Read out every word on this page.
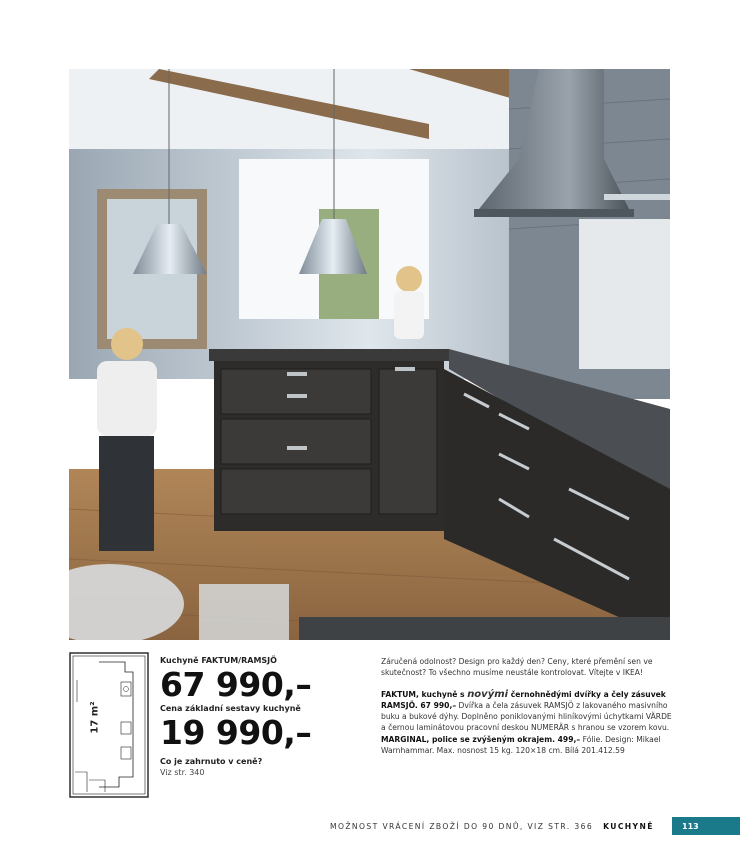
17 m²
Kuchyně FAKTUM/RAMSJÖ
67 990,–
Cena základní sestavy kuchyně
19 990,–
Co je zahrnuto v ceně?
Viz str. 340

Záručená odolnost? Design pro každý den? Ceny, které přemění sen ve skutečnost? To všechno musíme neustále kontrolovat. Vítejte v IKEA!

FAKTUM, kuchyně s novými černohnědými dvířky a čely zásuvek RAMSJÖ. 67 990,– Dvířka a čela zásuvek RAMSJÖ z lakovaného masivního buku a bukové dýhy. Doplněno poniklovanými hliníkovými úchytkami VÄRDE a černou laminátovou pracovní deskou NUMERÄR s hranou se vzorem kovu.
MARGINAL, police se zvýšeným okrajem. 499,– Fólie. Design: Mikael Warnhammar. Max. nosnost 15 kg. 120×18 cm. Bílá 201.412.59

MOŽNOST VRÁCENÍ ZBOŽÍ DO 90 DNŮ, VIZ STR. 366 KUCHYNĚ	113
